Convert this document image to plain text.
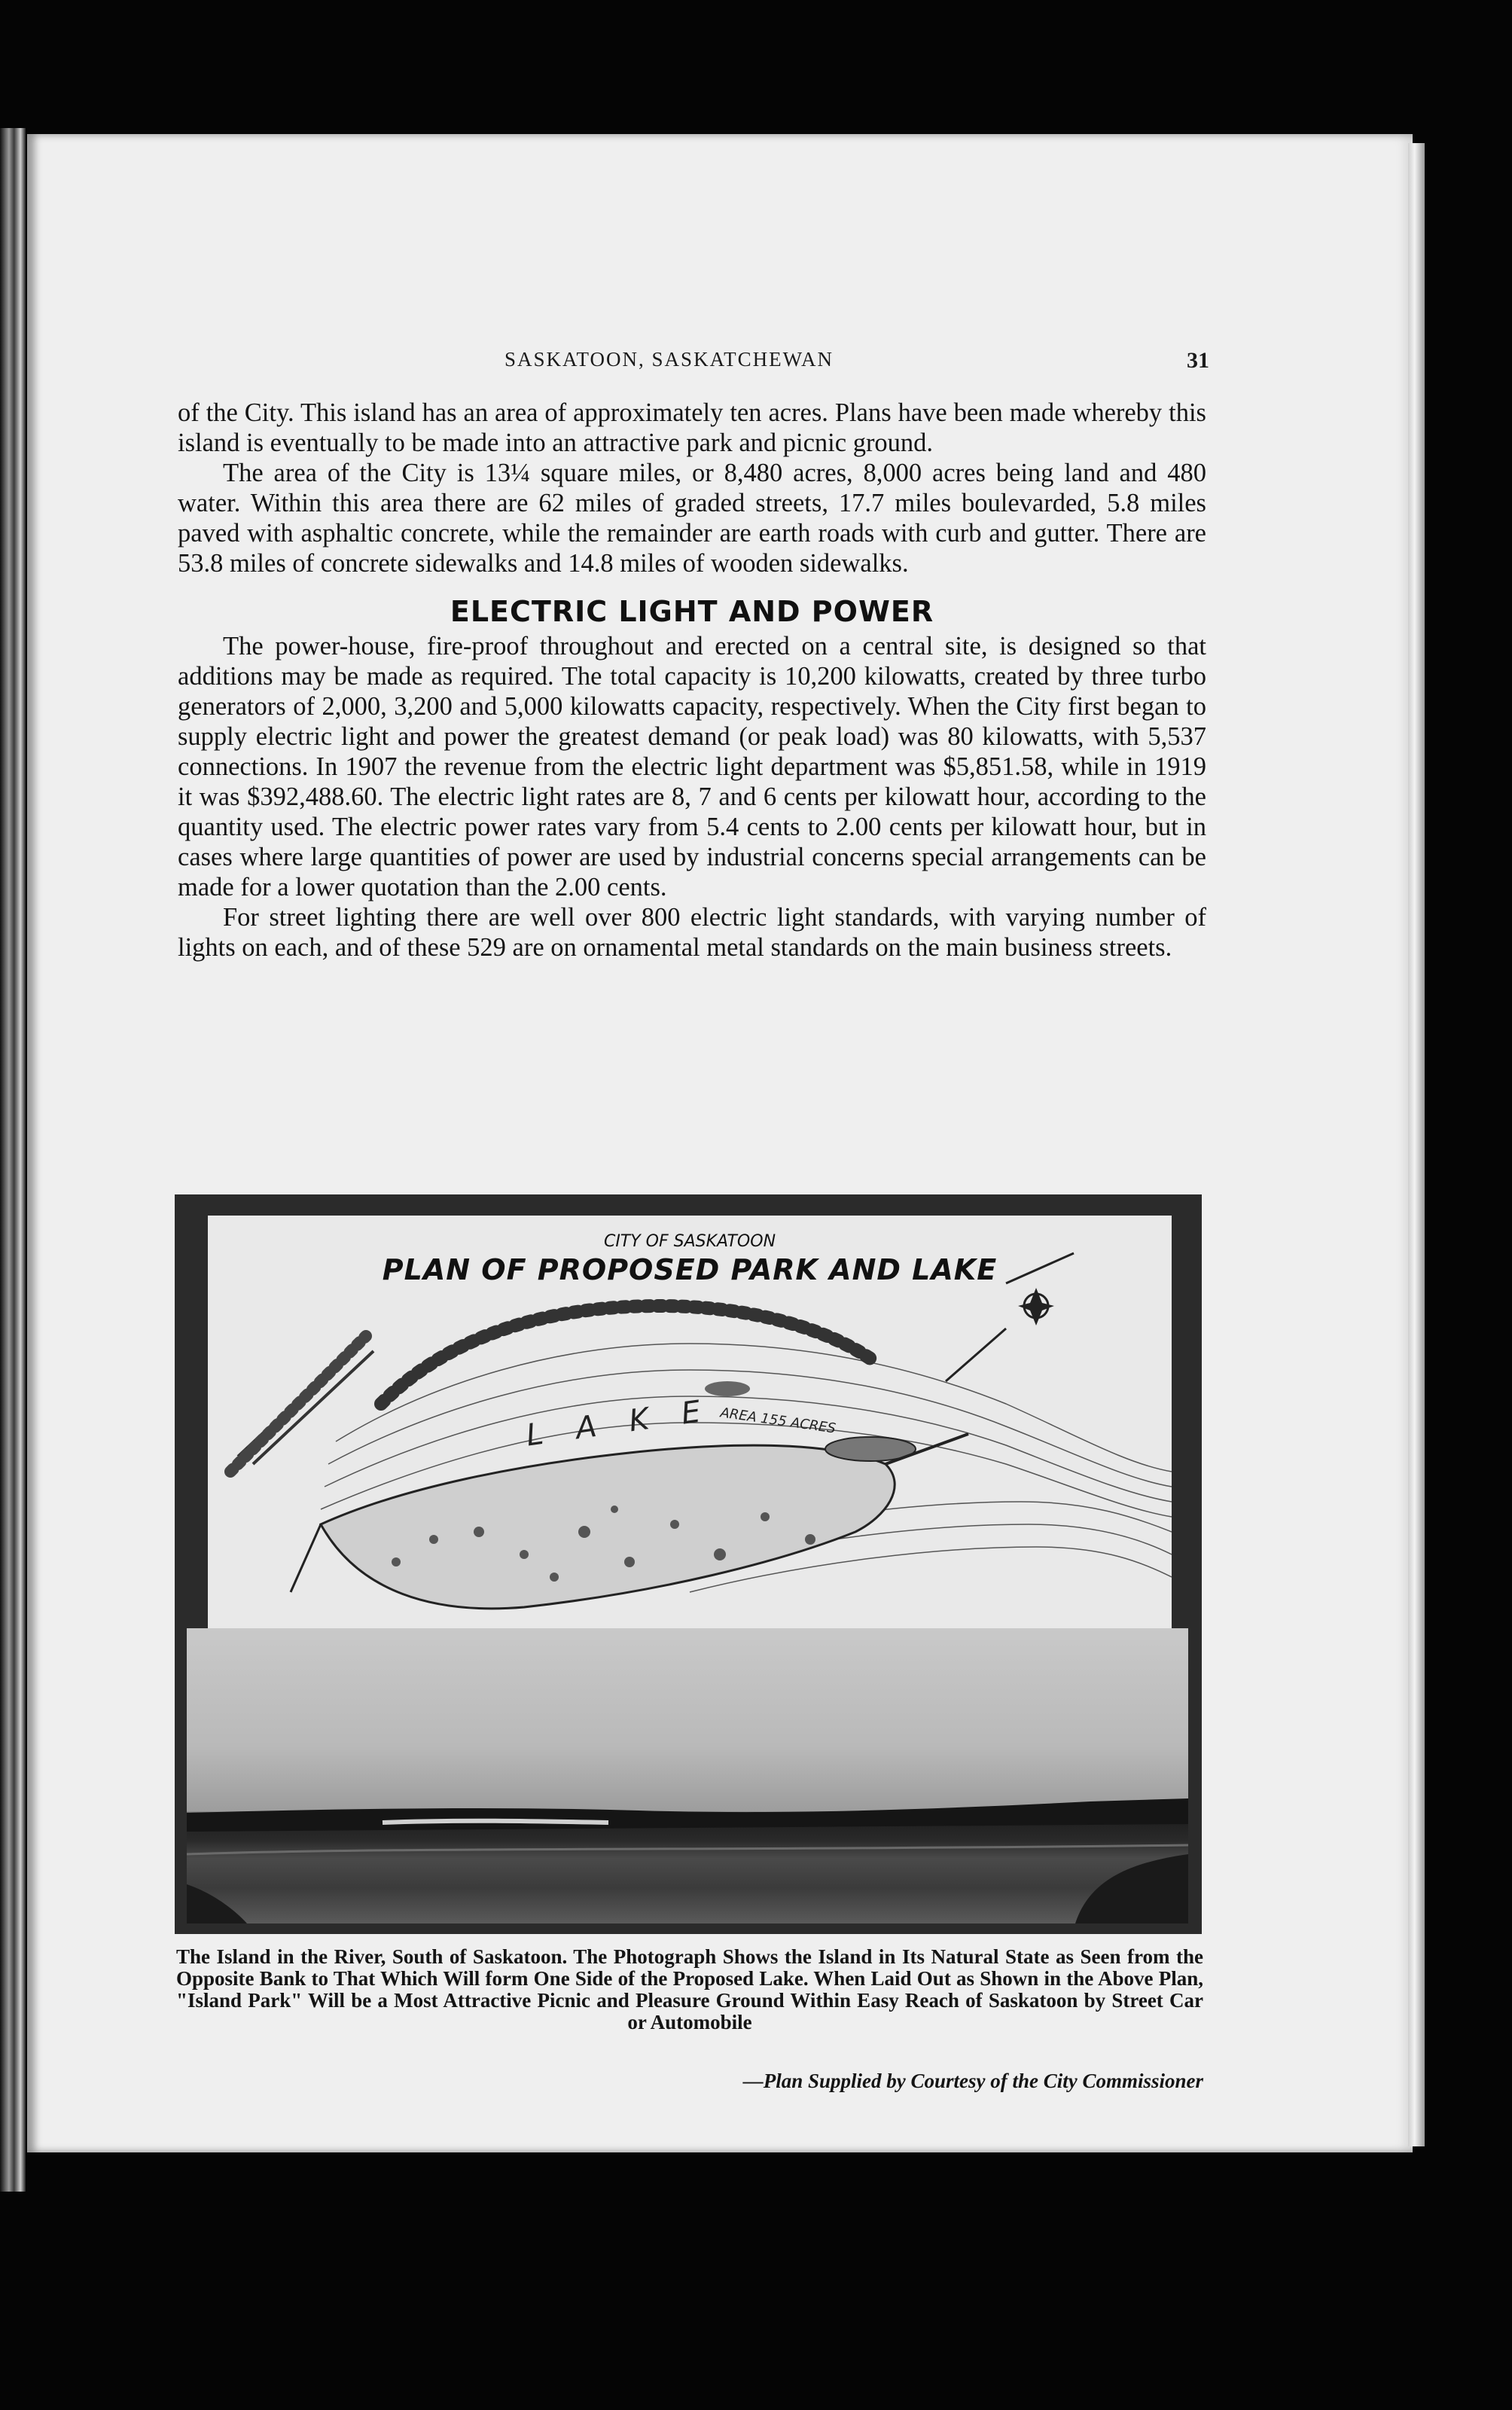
SASKATOON, SASKATCHEWAN	31

of the City. This island has an area of approximately ten acres. Plans have been made whereby this island is eventually to be made into an attractive park and picnic ground.

The area of the City is 13¼ square miles, or 8,480 acres, 8,000 acres being land and 480 water. Within this area there are 62 miles of graded streets, 17.7 miles boulevarded, 5.8 miles paved with asphaltic concrete, while the remainder are earth roads with curb and gutter. There are 53.8 miles of concrete sidewalks and 14.8 miles of wooden sidewalks.

ELECTRIC LIGHT AND POWER

The power-house, fire-proof throughout and erected on a central site, is designed so that additions may be made as required. The total capacity is 10,200 kilowatts, created by three turbo generators of 2,000, 3,200 and 5,000 kilowatts capacity, respectively. When the City first began to supply electric light and power the greatest demand (or peak load) was 80 kilowatts, with 5,537 connections. In 1907 the revenue from the electric light department was $5,851.58, while in 1919 it was $392,488.60. The electric light rates are 8, 7 and 6 cents per kilowatt hour, according to the quantity used. The electric power rates vary from 5.4 cents to 2.00 cents per kilowatt hour, but in cases where large quantities of power are used by industrial concerns special arrangements can be made for a lower quotation than the 2.00 cents.

For street lighting there are well over 800 electric light standards, with varying number of lights on each, and of these 529 are on ornamental metal standards on the main business streets.

CITY OF SASKATOON
PLAN OF PROPOSED PARK AND LAKE
LAKE
AREA 155 ACRES
The Island in the River, South of Saskatoon. The Photograph Shows the Island in Its Natural State as Seen from the Opposite Bank to That Which Will form One Side of the Proposed Lake. When Laid Out as Shown in the Above Plan, "Island Park" Will be a Most Attractive Picnic and Pleasure Ground Within Easy Reach of Saskatoon by Street Car or Automobile
—Plan Supplied by Courtesy of the City Commissioner
